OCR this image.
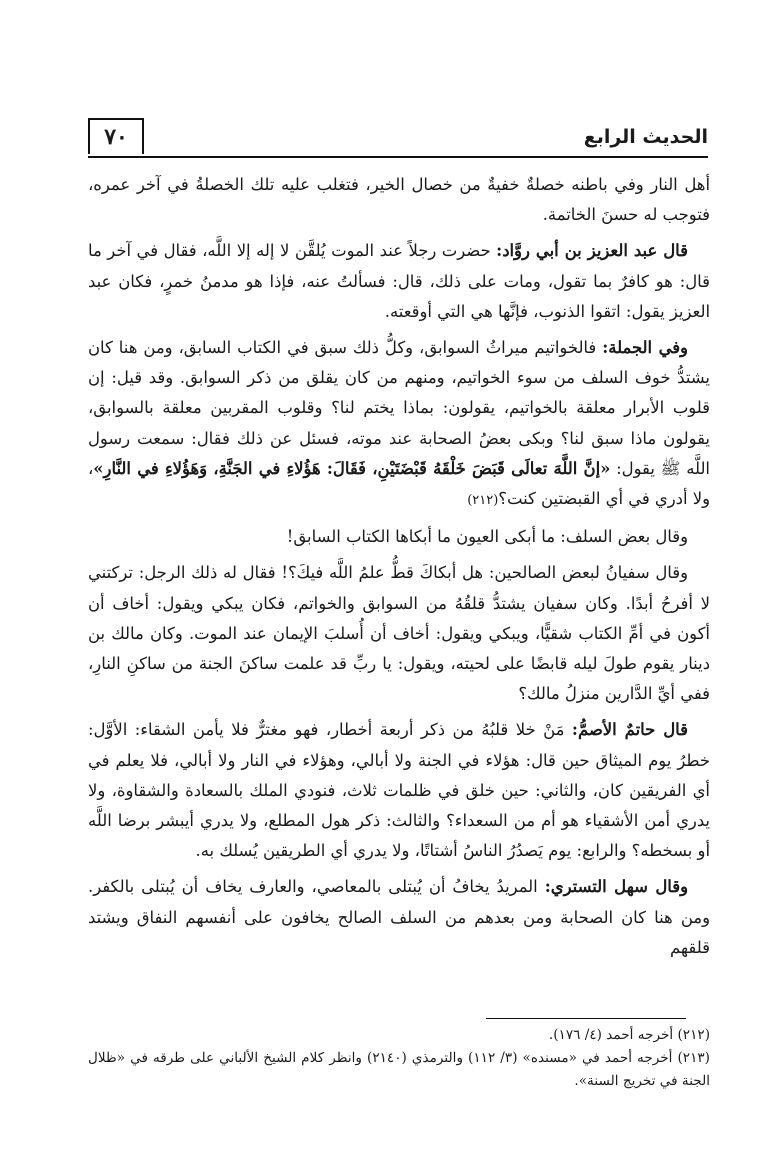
٧٠	الحديث الرابع

أهل النار وفي باطنه خصلةٌ خفيةٌ من خصال الخير، فتغلب عليه تلك الخصلةُ في آخر عمره، فتوجب له حسنَ الخاتمة.

قال عبد العزيز بن أبي روَّاد: حضرت رجلاً عند الموت يُلقَّن لا إله إلا اللَّه، فقال في آخر ما قال: هو كافرٌ بما تقول، ومات على ذلك، قال: فسألتُ عنه، فإذا هو مدمنُ خمرٍ، فكان عبد العزيز يقول: اتقوا الذنوب، فإنَّها هي التي أوقعته.

وفي الجملة: فالخواتيم ميراثُ السوابق، وكلُّ ذلك سبق في الكتاب السابق، ومن هنا كان يشتدُّ خوف السلف من سوء الخواتيم، ومنهم من كان يقلق من ذكر السوابق. وقد قيل: إن قلوب الأبرار معلقة بالخواتيم، يقولون: بماذا يختم لنا؟ وقلوب المقربين معلقة بالسوابق، يقولون ماذا سبق لنا؟ وبكى بعضُ الصحابة عند موته، فسئل عن ذلك فقال: سمعت رسول اللَّه ﷺ يقول: «إنَّ اللَّهَ تعالَى قَبَضَ خَلْقَهُ قَبْضَتَيْنِ، فَقَالَ: هَؤُلاءِ في الجَنَّةِ، وَهَؤُلاءِ في النَّارِ»، ولا أدري في أي القبضتين كنت؟(٢١٢)

وقال بعض السلف: ما أبكى العيون ما أبكاها الكتاب السابق!

وقال سفيانُ لبعض الصالحين: هل أبكاكَ قطُّ علمُ اللَّه فيكَ؟! فقال له ذلك الرجل: تركتني لا أفرحُ أبدًا. وكان سفيان يشتدُّ قلقُهُ من السوابق والخواتم، فكان يبكي ويقول: أخاف أن أكون في أمِّ الكتاب شقيًّا، ويبكي ويقول: أخاف أن أُسلبَ الإيمان عند الموت. وكان مالك بن دينار يقوم طولَ ليله قابضًا على لحيته، ويقول: يا ربِّ قد علمت ساكنَ الجنة من ساكنِ النارِ، ففي أيِّ الدَّارين منزلُ مالك؟

قال حاتمٌ الأصمُّ: مَنْ خلا قلبُهُ من ذكر أربعة أخطار، فهو مغترٌّ فلا يأمن الشقاء: الأوَّل: خطرُ يوم الميثاق حين قال: هؤلاء في الجنة ولا أبالي، وهؤلاء في النار ولا أبالي، فلا يعلم في أي الفريقين كان، والثاني: حين خلق في ظلمات ثلاث، فنودي الملك بالسعادة والشقاوة، ولا يدري أمن الأشقياء هو أم من السعداء؟ والثالث: ذكر هول المطلع، ولا يدري أيبشر برضا اللَّه أو بسخطه؟ والرابع: يوم يَصدُرُ الناسُ أشتاتًا، ولا يدري أي الطريقين يُسلك به.

وقال سهل التستري: المريدُ يخافُ أن يُبتلى بالمعاصي، والعارف يخاف أن يُبتلى بالكفر. ومن هنا كان الصحابة ومن بعدهم من السلف الصالح يخافون على أنفسهم النفاق ويشتد قلقهم

(٢١٢) أخرجه أحمد (٤/ ١٧٦).

(٢١٣) أخرجه أحمد في «مسنده» (٣/ ١١٢) والترمذي (٢١٤٠) وانظر كلام الشيخ الألباني على طرقه في «ظلال الجنة في تخريج السنة».
